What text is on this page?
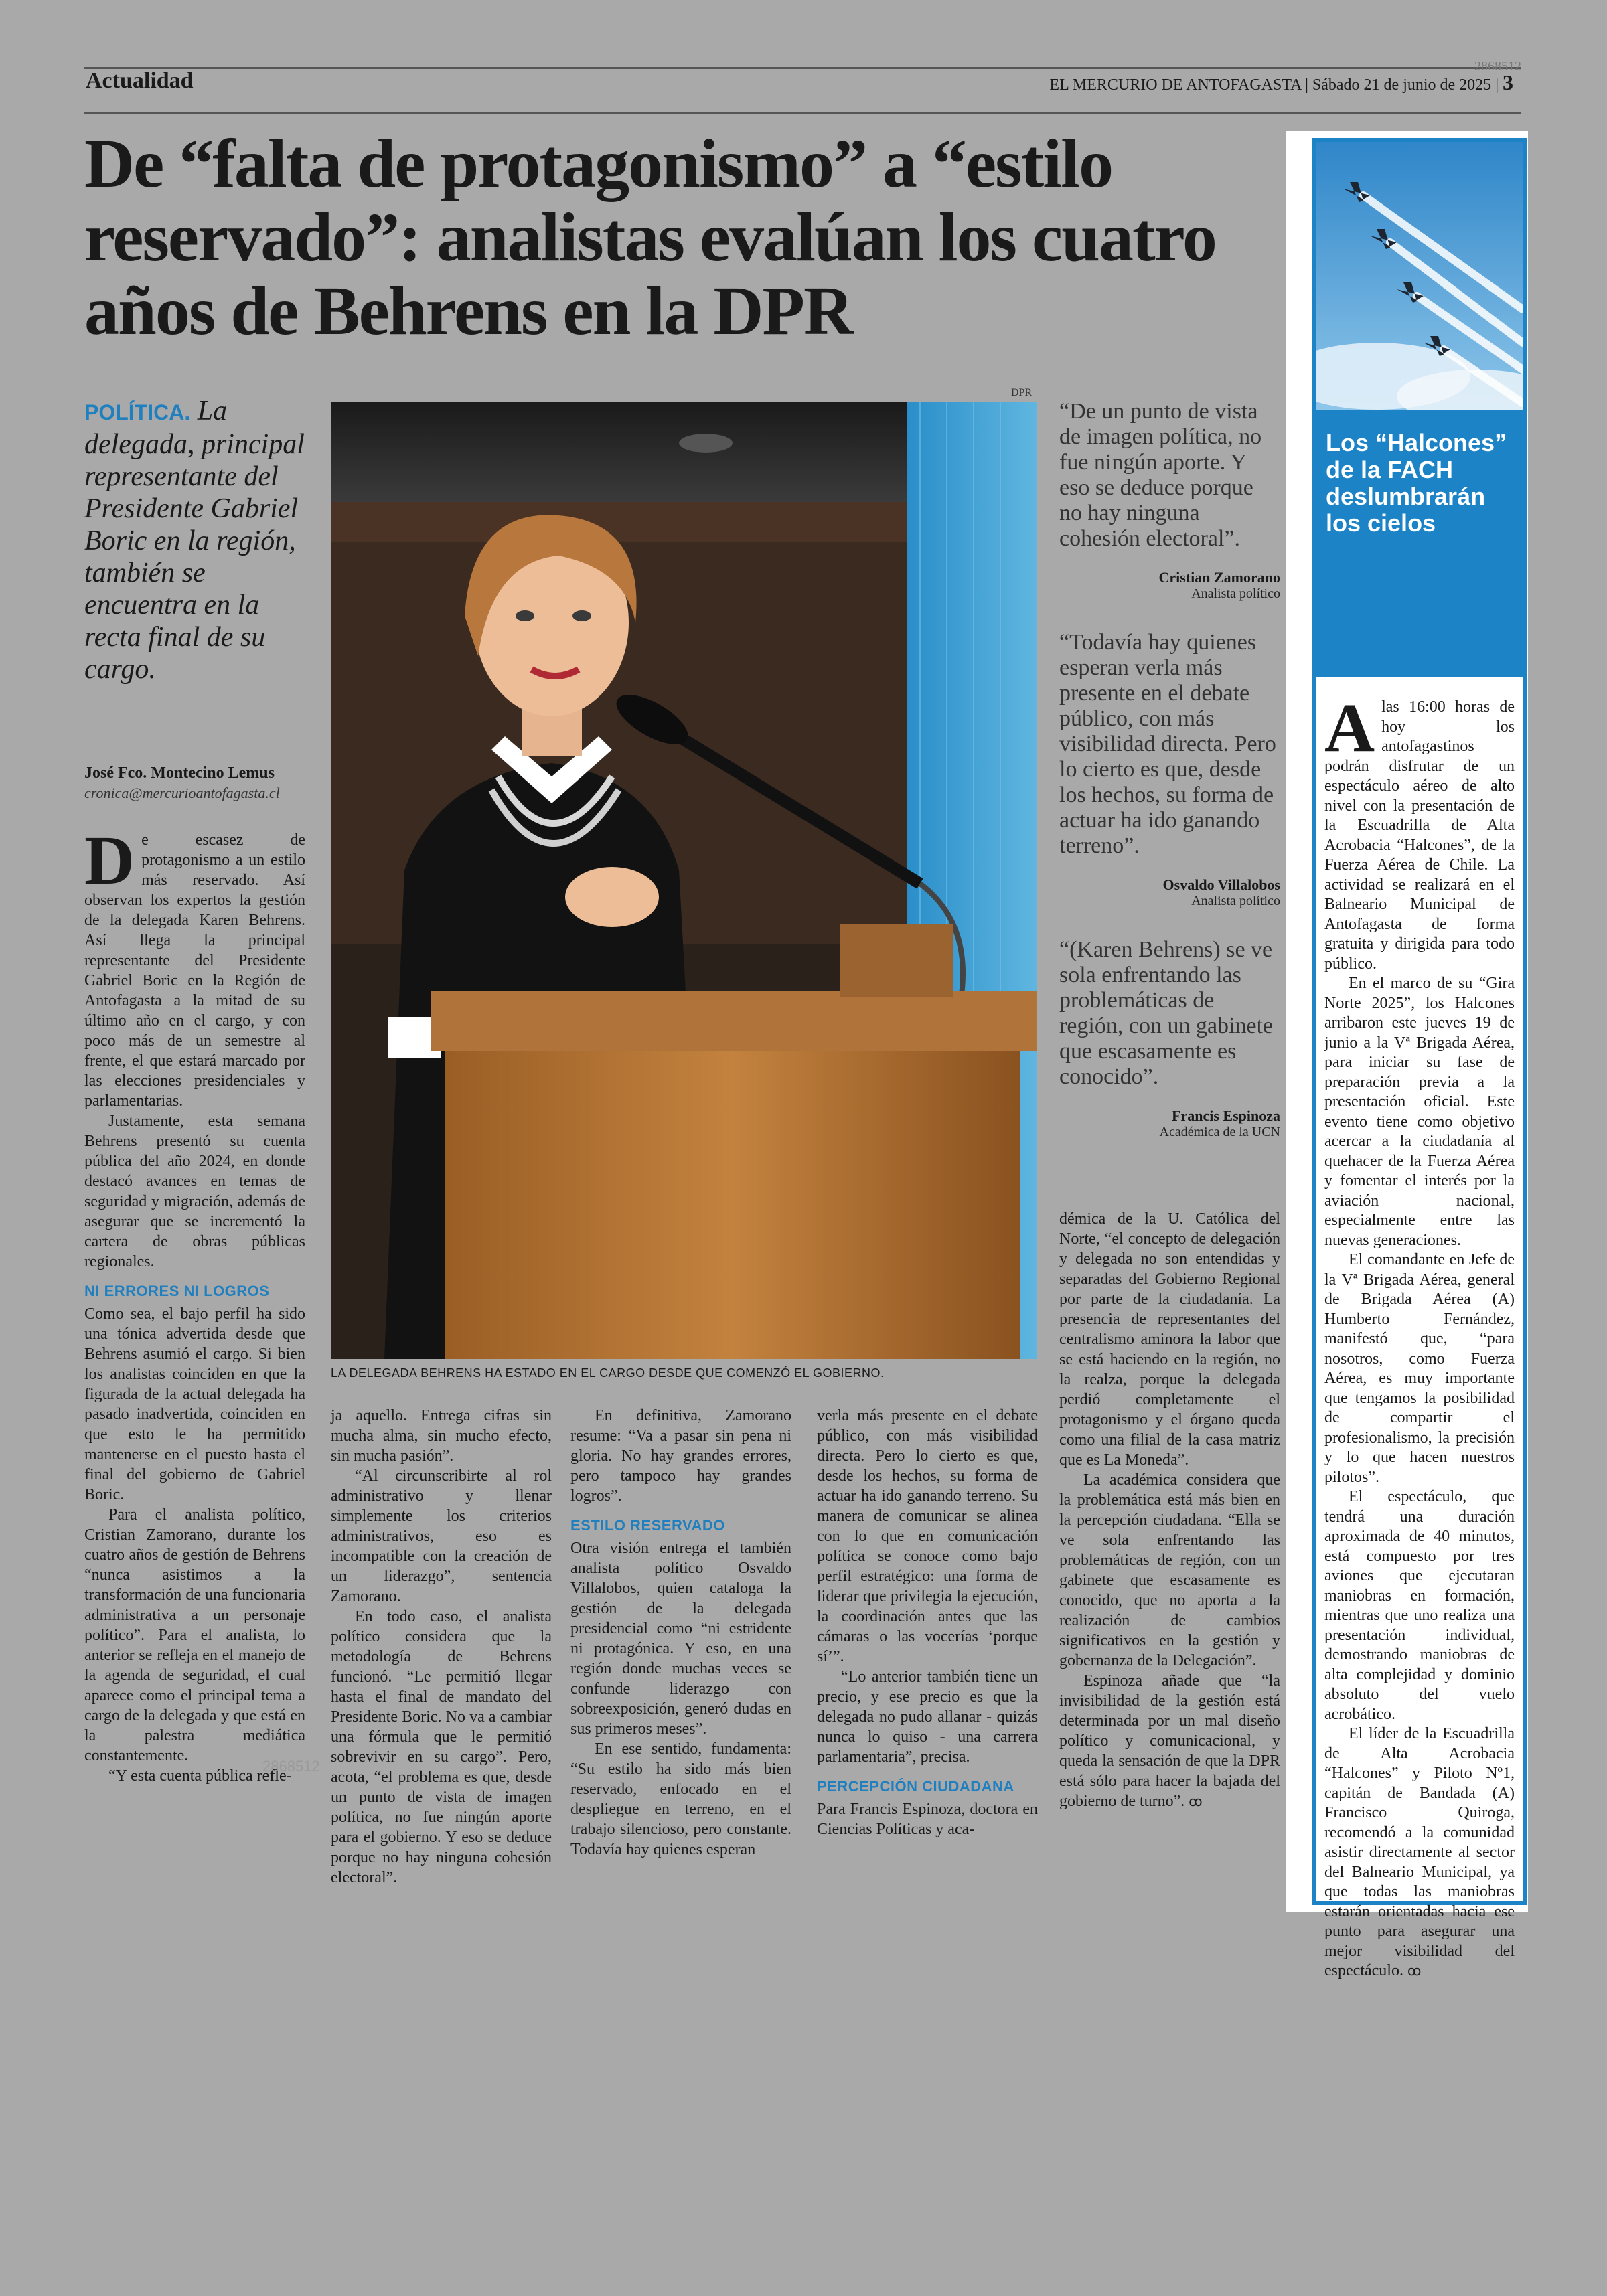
Actualidad
2868512
EL MERCURIO DE ANTOFAGASTA | Sábado 21 de junio de 2025 | 3
De “falta de protagonismo” a “estilo reservado”: analistas evalúan los cuatro años de Behrens en la DPR
POLÍTICA. La delegada, principal representante del Presidente Gabriel Boric en la región, también se encuentra en la recta final de su cargo.
José Fco. Montecino Lemus
cronica@mercurioantofagasta.cl

De escasez de protagonismo a un estilo más reservado. Así observan los expertos la gestión de la delegada Karen Behrens. Así llega la principal representante del Presidente Gabriel Boric en la Región de Antofagasta a la mitad de su último año en el cargo, y con poco más de un semestre al frente, el que estará marcado por las elecciones presidenciales y parlamentarias.

Justamente, esta semana Behrens presentó su cuenta pública del año 2024, en donde destacó avances en temas de seguridad y migración, además de asegurar que se incrementó la cartera de obras públicas regionales.

NI ERRORES NI LOGROS

Como sea, el bajo perfil ha sido una tónica advertida desde que Behrens asumió el cargo. Si bien los analistas coinciden en que la figurada de la actual delegada ha pasado inadvertida, coinciden en que esto le ha permitido mantenerse en el puesto hasta el final del gobierno de Gabriel Boric.

Para el analista político, Cristian Zamorano, durante los cuatro años de gestión de Behrens “nunca asistimos a la transformación de una funcionaria administrativa a un personaje político”. Para el analista, lo anterior se refleja en el manejo de la agenda de seguridad, el cual aparece como el principal tema a cargo de la delegada y que está en la palestra mediática constantemente.

“Y esta cuenta pública refle-

DPR
LA DELEGADA BEHRENS HA ESTADO EN EL CARGO DESDE QUE COMENZÓ EL GOBIERNO.

ja aquello. Entrega cifras sin mucha alma, sin mucho efecto, sin mucha pasión”.

“Al circunscribirte al rol administrativo y llenar simplemente los criterios administrativos, eso es incompatible con la creación de un liderazgo”, sentencia Zamorano.

En todo caso, el analista político considera que la metodología de Behrens funcionó. “Le permitió llegar hasta el final de mandato del Presidente Boric. No va a cambiar una fórmula que le permitió sobrevivir en su cargo”. Pero, acota, “el problema es que, desde un punto de vista de imagen política, no fue ningún aporte para el gobierno. Y eso se deduce porque no hay ninguna cohesión electoral”.

En definitiva, Zamorano resume: “Va a pasar sin pena ni gloria. No hay grandes errores, pero tampoco hay grandes logros”.

ESTILO RESERVADO

Otra visión entrega el también analista político Osvaldo Villalobos, quien cataloga la gestión de la delegada presidencial como “ni estridente ni protagónica. Y eso, en una región donde muchas veces se confunde liderazgo con sobreexposición, generó dudas en sus primeros meses”.

En ese sentido, fundamenta: “Su estilo ha sido más bien reservado, enfocado en el despliegue en terreno, en el trabajo silencioso, pero constante. Todavía hay quienes esperan

verla más presente en el debate público, con más visibilidad directa. Pero lo cierto es que, desde los hechos, su forma de actuar ha ido ganando terreno. Su manera de comunicar se alinea con lo que en comunicación política se conoce como bajo perfil estratégico: una forma de liderar que privilegia la ejecución, la coordinación antes que las cámaras o las vocerías ‘porque sí’”.

“Lo anterior también tiene un precio, y ese precio es que la delegada no pudo allanar - quizás nunca lo quiso - una carrera parlamentaria”, precisa.

PERCEPCIÓN CIUDADANA

Para Francis Espinoza, doctora en Ciencias Políticas y aca-

“De un punto de vista de imagen política, no fue ningún aporte. Y eso se deduce porque no hay ninguna cohesión electoral”.
Cristian Zamorano
Analista político
“Todavía hay quienes esperan verla más presente en el debate público, con más visibilidad directa. Pero lo cierto es que, desde los hechos, su forma de actuar ha ido ganando terreno”.
Osvaldo Villalobos
Analista político
“(Karen Behrens) se ve sola enfrentando las problemáticas de región, con un gabinete que escasamente es conocido”.
Francis Espinoza
Académica de la UCN

démica de la U. Católica del Norte, “el concepto de delegación y delegada no son entendidas y separadas del Gobierno Regional por parte de la ciudadanía. La presencia de representantes del centralismo aminora la labor que se está haciendo en la región, no la realza, porque la delegada perdió completamente el protagonismo y el órgano queda como una filial de la casa matriz que es La Moneda”.

La académica considera que la problemática está más bien en la percepción ciudadana. “Ella se ve sola enfrentando las problemáticas de región, con un gabinete que escasamente es conocido, que no aporta a la realización de cambios significativos en la gestión y gobernanza de la Delegación”.

Espinoza añade que “la invisibilidad de la gestión está determinada por un mal diseño político y comunicacional, y queda la sensación de que la DPR está sólo para hacer la bajada del gobierno de turno”. ꝏ

Los “Halcones” de la FACH deslumbrarán los cielos

Alas 16:00 horas de hoy los antofagastinos podrán disfrutar de un espectáculo aéreo de alto nivel con la presentación de la Escuadrilla de Alta Acrobacia “Halcones”, de la Fuerza Aérea de Chile. La actividad se realizará en el Balneario Municipal de Antofagasta de forma gratuita y dirigida para todo público.

En el marco de su “Gira Norte 2025”, los Halcones arribaron este jueves 19 de junio a la Vª Brigada Aérea, para iniciar su fase de preparación previa a la presentación oficial. Este evento tiene como objetivo acercar a la ciudadanía al quehacer de la Fuerza Aérea y fomentar el interés por la aviación nacional, especialmente entre las nuevas generaciones.

El comandante en Jefe de la Vª Brigada Aérea, general de Brigada Aérea (A) Humberto Fernández, manifestó que, “para nosotros, como Fuerza Aérea, es muy importante que tengamos la posibilidad de compartir el profesionalismo, la precisión y lo que hacen nuestros pilotos”.

El espectáculo, que tendrá una duración aproximada de 40 minutos, está compuesto por tres aviones que ejecutaran maniobras en formación, mientras que uno realiza una presentación individual, demostrando maniobras de alta complejidad y dominio absoluto del vuelo acrobático.

El líder de la Escuadrilla de Alta Acrobacia “Halcones” y Piloto Nº1, capitán de Bandada (A) Francisco Quiroga, recomendó a la comunidad asistir directamente al sector del Balneario Municipal, ya que todas las maniobras estarán orientadas hacia ese punto para asegurar una mejor visibilidad del espectáculo. ꝏ

2868512
